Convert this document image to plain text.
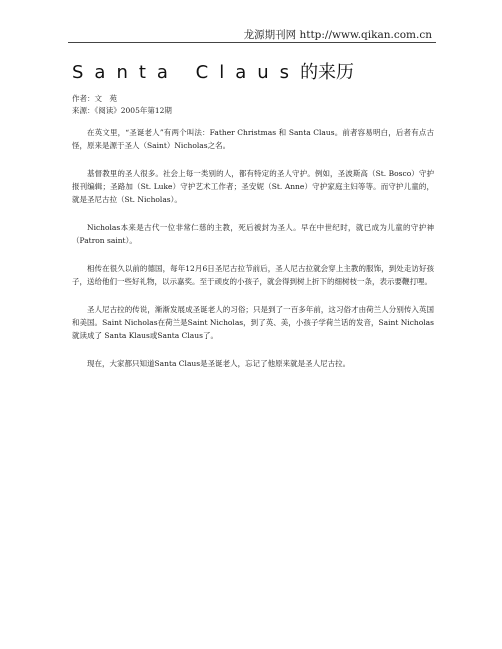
龙源期刊网 http://www.qikan.com.cn
Santa Claus的来历
作者：文　苑
来源：《阅读》2005年第12期

在英文里，“圣诞老人”有两个叫法：Father Christmas 和 Santa Claus。前者容易明白，后者有点古怪，原来是源于圣人（Saint）Nicholas之名。

基督教里的圣人很多。社会上每一类别的人，都有特定的圣人守护。例如，圣波斯高（St. Bosco）守护报刊编辑；圣路加（St. Luke）守护艺术工作者；圣安妮（St. Anne）守护家庭主妇等等。而守护儿童的，就是圣尼古拉（St. Nicholas）。

Nicholas本来是古代一位非常仁慈的主教，死后被封为圣人。早在中世纪时，就已成为儿童的守护神（Patron saint）。

相传在很久以前的德国，每年12月6日圣尼古拉节前后，圣人尼古拉就会穿上主教的服饰，到处走访好孩子，送给他们一些好礼物，以示嘉奖。至于顽皮的小孩子，就会得到树上折下的细树枝一条，表示要鞭打哩。

圣人尼古拉的传说，渐渐发展成圣诞老人的习俗；只是到了一百多年前，这习俗才由荷兰人分别传入英国和美国。Saint Nicholas在荷兰是Saint Nicholas，到了英、美，小孩子学荷兰话的发音，Saint Nicholas就读成了 Santa Klaus或Santa Claus了。

现在，大家都只知道Santa Claus是圣诞老人，忘记了他原来就是圣人尼古拉。
